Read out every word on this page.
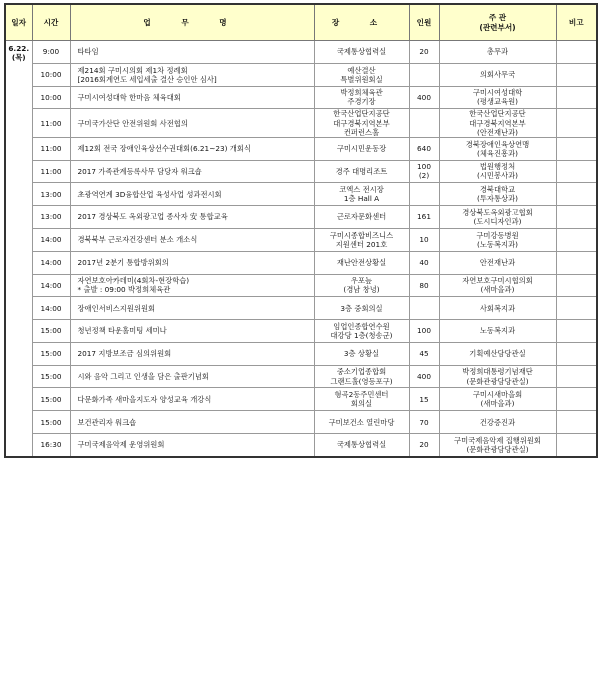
일자	시간	업 무 명	장 소	인원	주 관
(관련부서)	비고
6.22.
(목)	9:00	타타임	국제통상협력실	20	총무과	
	10:00	제214회 구미시의회 제1차 정례회
[2016회계연도 세입세출 결산 승인안 심사]	예산결산
특별위원회실		의회사무국	
	10:00	구미시여성대학 한마음 체육대회	박정희체육관
주경기장	400	구미시여성대학
(평생교육원)	
	11:00	구미국가산단 안전위원회 사전협의	한국산업단지공단
대구경북지역본부
컨퍼런스홀		한국산업단지공단
대구경북지역본부
(안전재난과)	
	11:00	제12회 전국 장애인육상선수권대회(6.21~23) 개회식	구미시민운동장	640	경북장애인육상연맹
(체육진흥과)	
	11:00	2017 가족관계등록사무 담당자 워크숍	경주 대명리조트	100
(2)	법원행정처
(시민봉사과)	
	13:00	초광역연계 3D융합산업 육성사업 성과전시회	코엑스 전시장
1층 Hall A		경북대학교
(투자통상과)	
	13:00	2017 경상북도 옥외광고업 종사자 安 통합교육	근로자문화센터	161	경상북도옥외광고협회
(도시디자인과)	
	14:00	경북북부 근로자건강센터 분소 개소식	구미시종합비즈니스
지원센터 201호	10	구미강동병원
(노동복지과)	
	14:00	2017년 2분기 통합방위회의	재난안전상황실	40	안전재난과	
	14:00	자연보호아카데미(4회차-현장학습)
* 출발 : 09:00 박정희체육관	우포늪
(경남 창녕)	80	자연보호구미시협의회
(새마을과)	
	14:00	장애인서비스지원위원회	3층 중회의실		사회복지과	
	15:00	청년정책 타운홀미팅 세미나	임업인종합연수원
대강당 1층(청송군)	100	노동복지과	
	15:00	2017 지방보조금 심의위원회	3층 상황실	45	기획예산담당관실	
	15:00	시와 음악 그리고 인생을 담은 출판기념회	중소기업종합회
그랜드홀(영등포구)	400	박정희대통령기념재단
(문화관광담당관실)	
	15:00	다문화가족 새마을지도자 양성교육 개강식	형곡2동주민센터
회의실	15	구미시새마을회
(새마을과)	
	15:00	보건관리자 워크숍	구미보건소 열린마당	70	건강증진과	
	16:30	구미국제음악제 운영위원회	국제통상협력실	20	구미국제음악제 집행위원회
(문화관광담당관실)	
